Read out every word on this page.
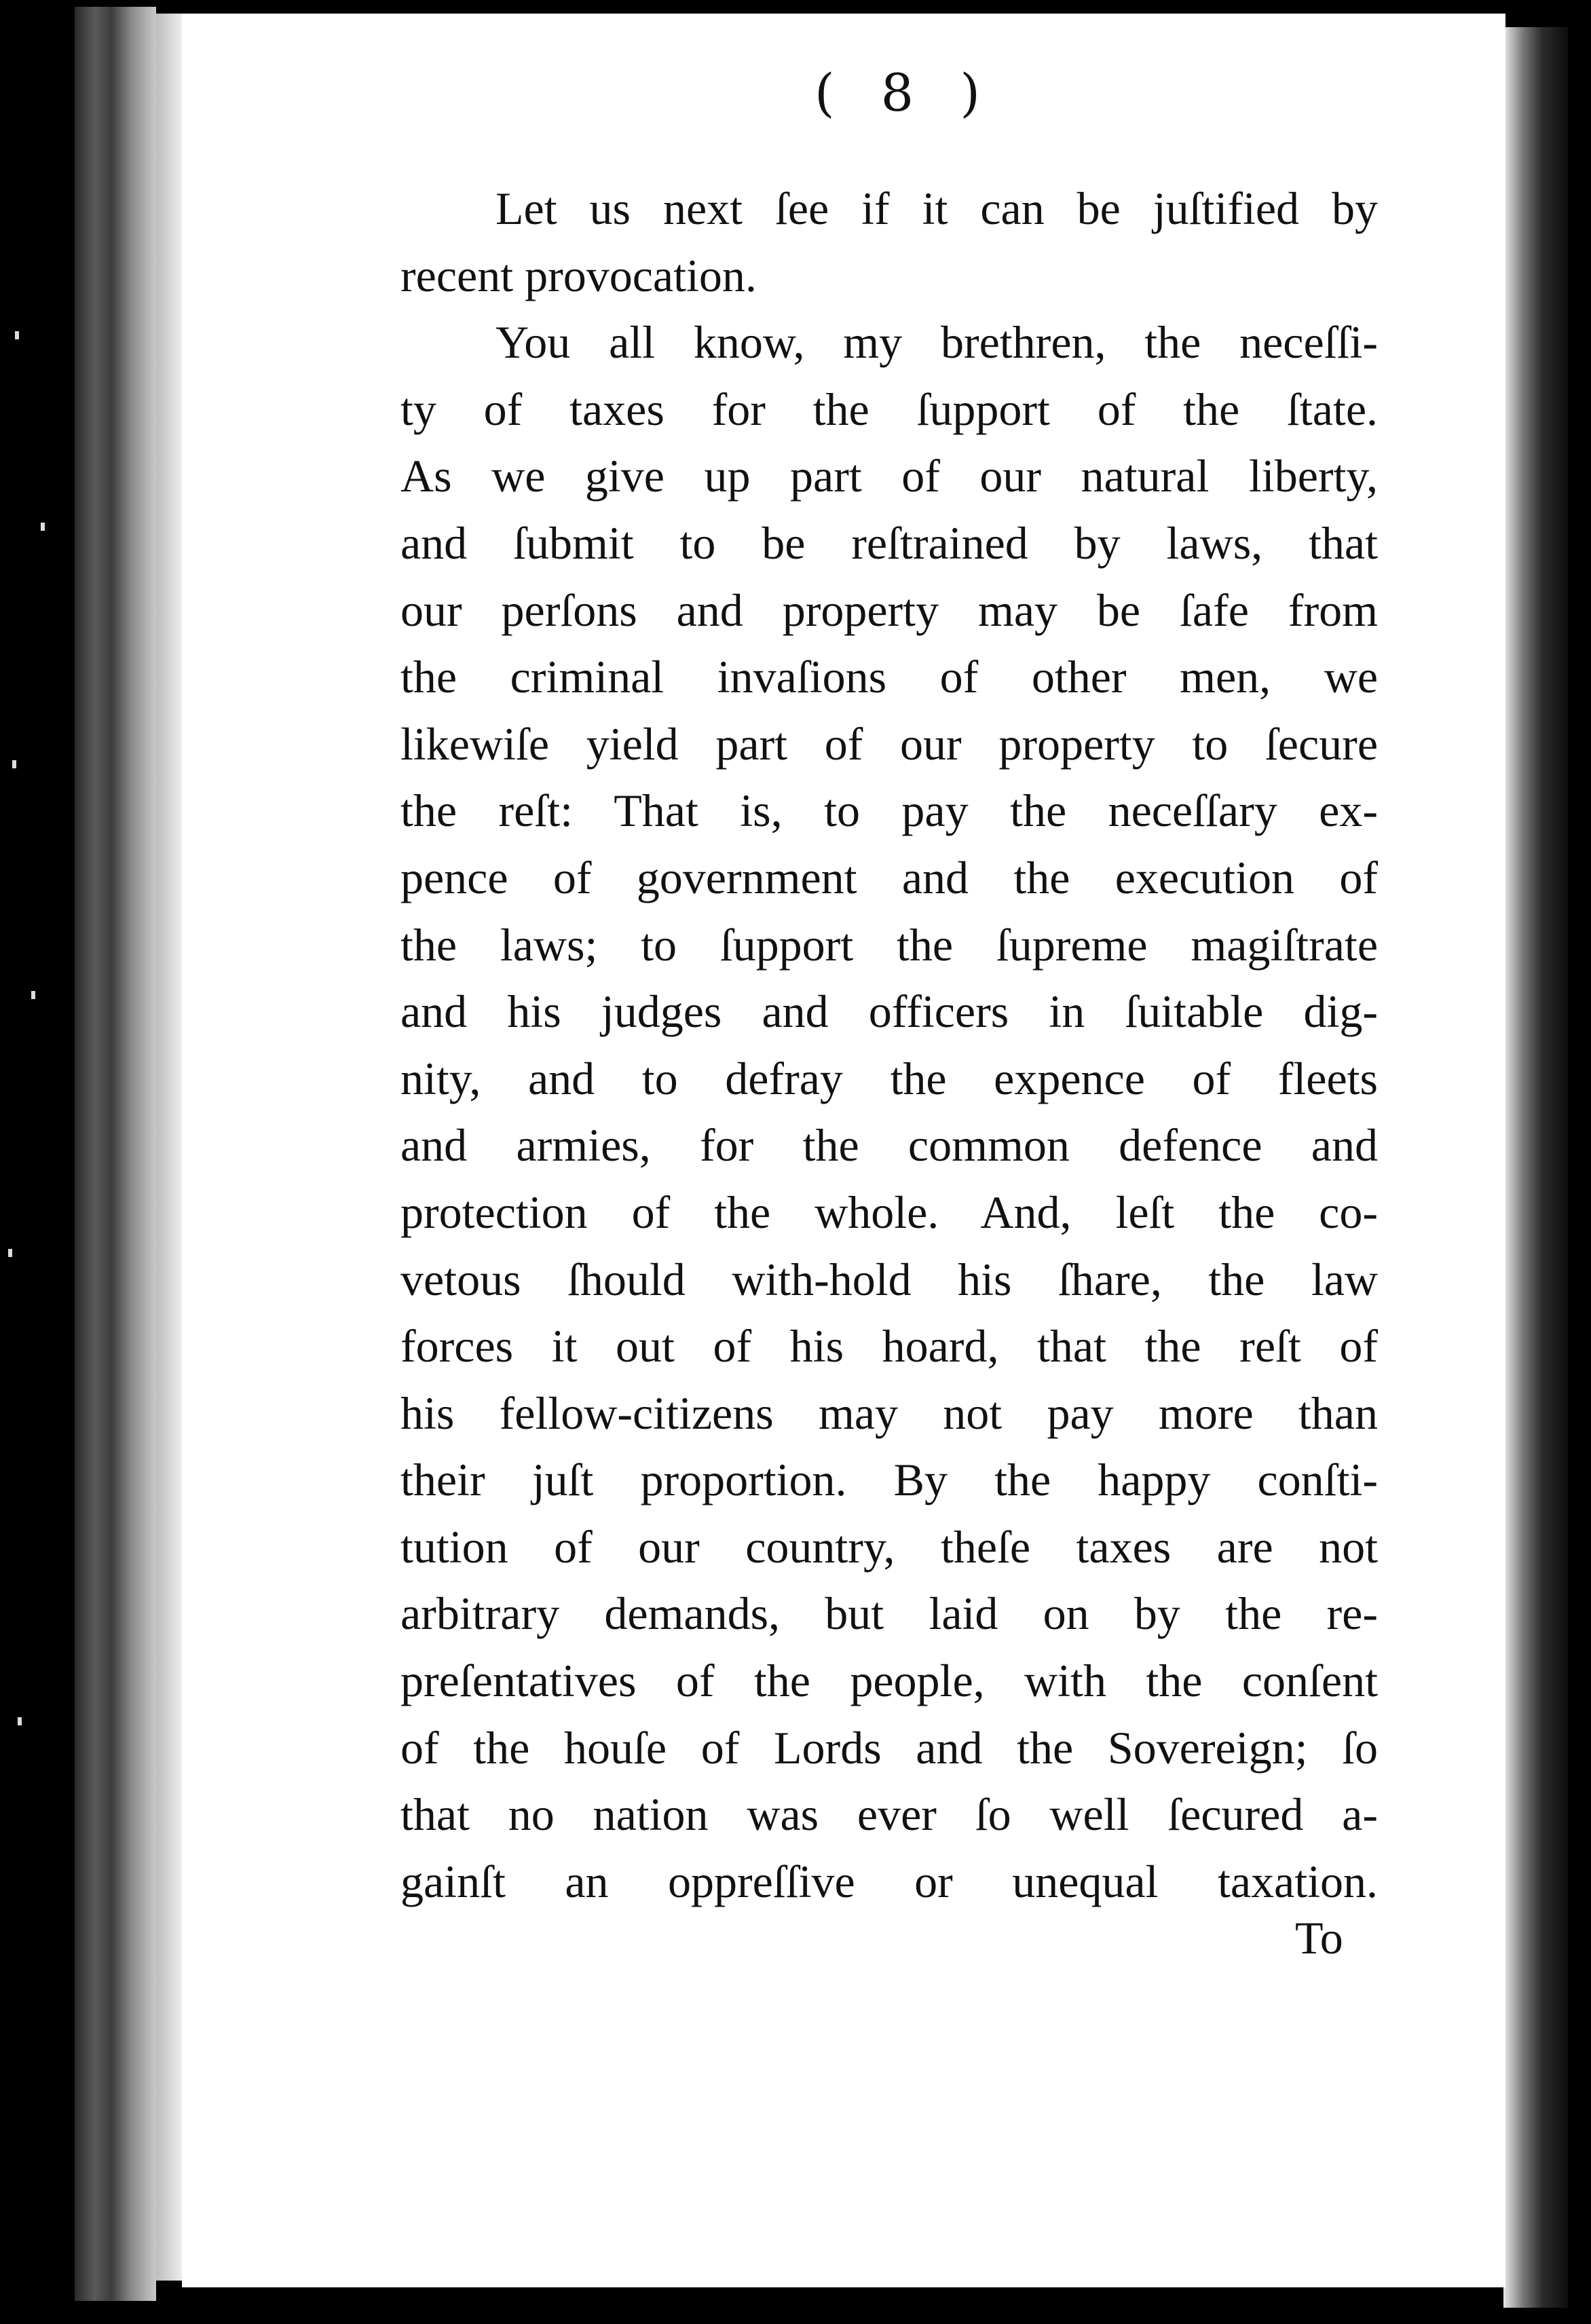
( 8 )
Let us next ſee if it can be juſtified by
recent provocation.
You all know, my brethren, the neceſſi-
ty of taxes for the ſupport of the ſtate.
As we give up part of our natural liberty,
and ſubmit to be reſtrained by laws, that
our perſons and property may be ſafe from
the criminal invaſions of other men, we
likewiſe yield part of our property to ſecure
the reſt: That is, to pay the neceſſary ex-
pence of government and the execution of
the laws; to ſupport the ſupreme magiſtrate
and his judges and officers in ſuitable dig-
nity, and to defray the expence of fleets
and armies, for the common defence and
protection of the whole. And, leſt the co-
vetous ſhould with-hold his ſhare, the law
forces it out of his hoard, that the reſt of
his fellow-citizens may not pay more than
their juſt proportion. By the happy conſti-
tution of our country, theſe taxes are not
arbitrary demands, but laid on by the re-
preſentatives of the people, with the conſent
of the houſe of Lords and the Sovereign; ſo
that no nation was ever ſo well ſecured a-
gainſt an oppreſſive or unequal taxation.
To
